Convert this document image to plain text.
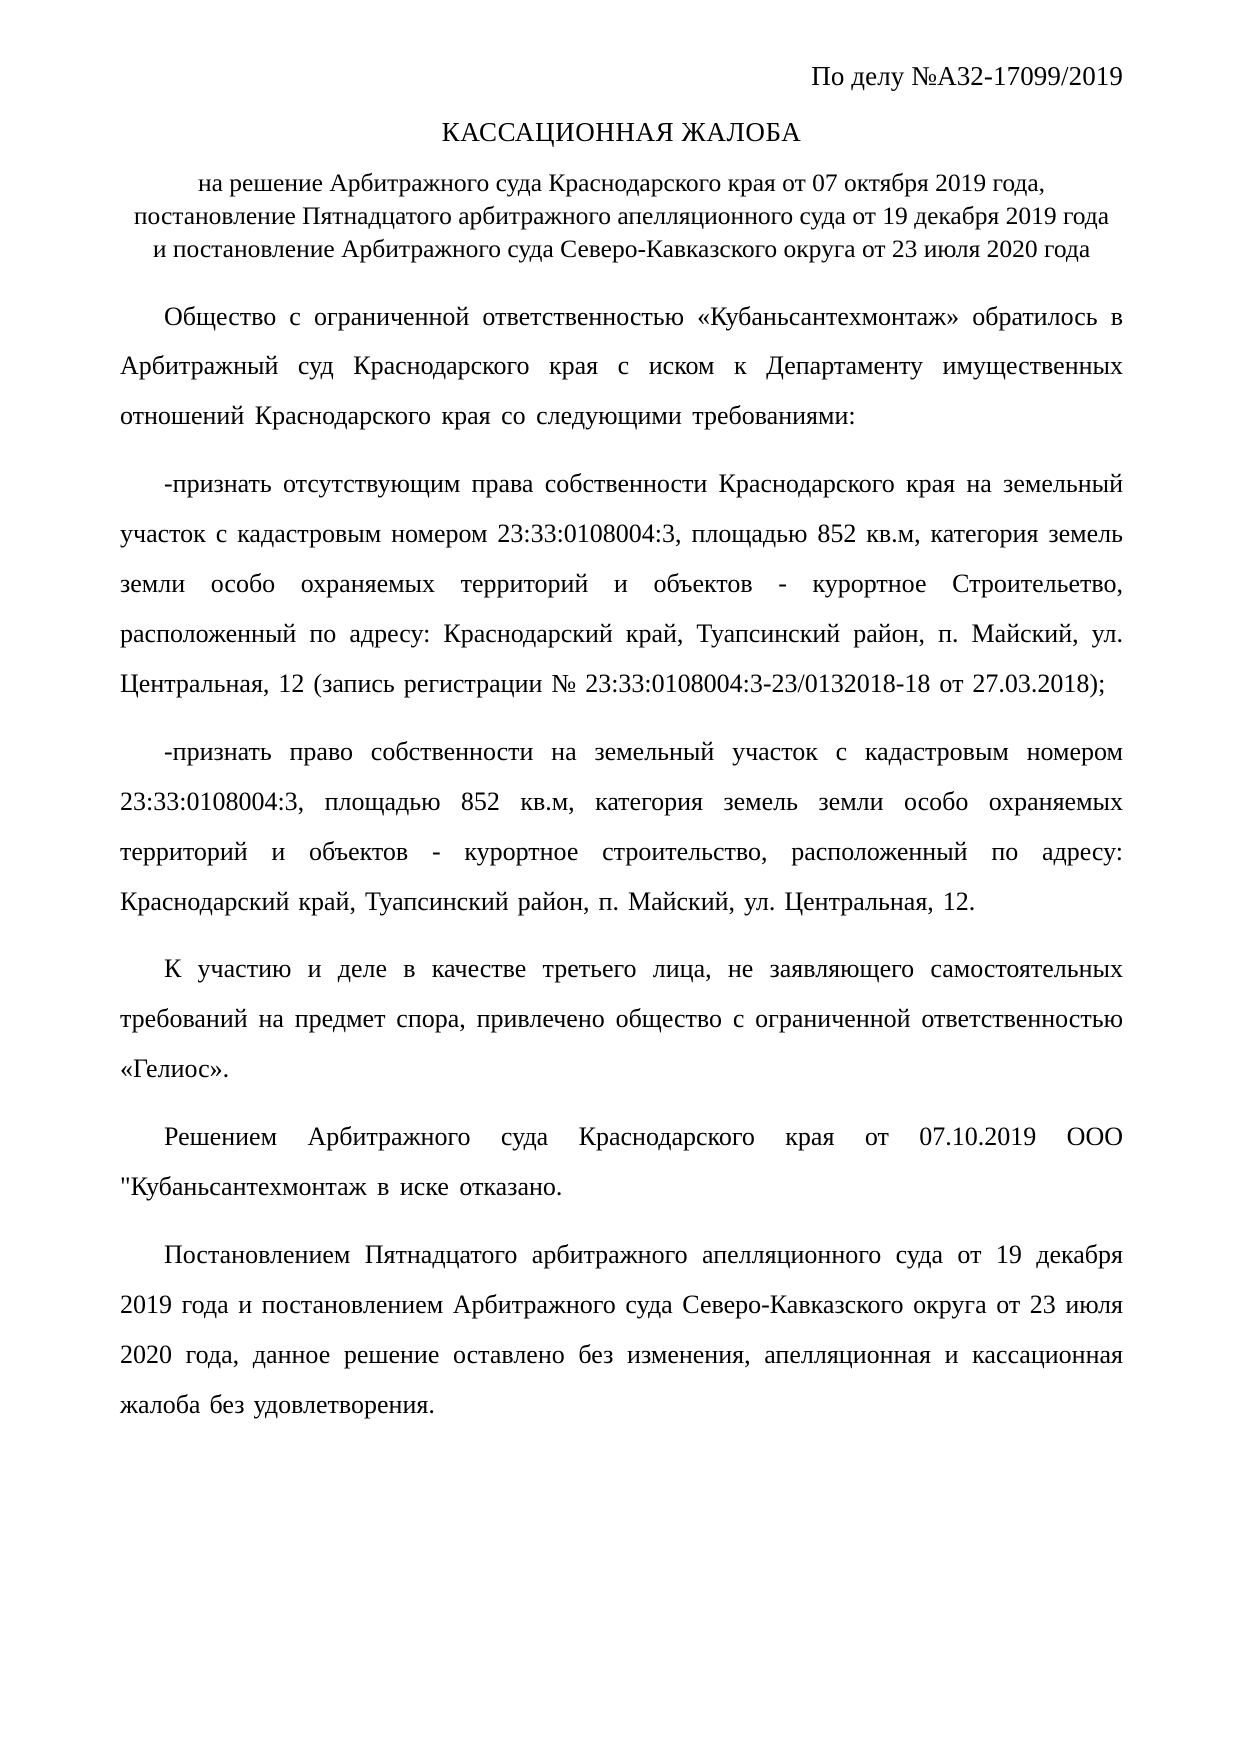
По делу №А32-17099/2019
КАССАЦИОННАЯ ЖАЛОБА
на решение Арбитражного суда Краснодарского края от 07 октября 2019 года, постановление Пятнадцатого арбитражного апелляционного суда от 19 декабря 2019 года и постановление Арбитражного суда Северо-Кавказского округа от 23 июля 2020 года

Общество с ограниченной ответственностью «Кубаньсантехмонтаж» обратилось в Арбитражный суд Краснодарского края с иском к Департаменту имущественных отношений Краснодарского края со следующими требованиями:

-признать отсутствующим права собственности Краснодарского края на земельный участок с кадастровым номером 23:33:0108004:3, площадью 852 кв.м, категория земель земли особо охраняемых территорий и объектов - курортное Строительетво, расположенный по адресу: Краснодарский край, Туапсинский район, п. Майский, ул. Центральная, 12 (запись регистрации № 23:33:0108004:3-23/0132018-18 от 27.03.2018);

-признать право собственности на земельный участок с кадастровым номером 23:33:0108004:3, площадью 852 кв.м, категория земель земли особо охраняемых территорий и объектов - курортное строительство, расположенный по адресу: Краснодарский край, Туапсинский район, п. Майский, ул. Центральная, 12.

К участию и деле в качестве третьего лица, не заявляющего самостоятельных требований на предмет спора, привлечено общество с ограниченной ответственностью «Гелиос».

Решением Арбитражного суда Краснодарского края от 07.10.2019 ООО "Кубаньсантехмонтаж в иске отказано.

Постановлением Пятнадцатого арбитражного апелляционного суда от 19 декабря 2019 года и постановлением Арбитражного суда Северо-Кавказского округа от 23 июля 2020 года, данное решение оставлено без изменения, апелляционная и кассационная жалоба без удовлетворения.
